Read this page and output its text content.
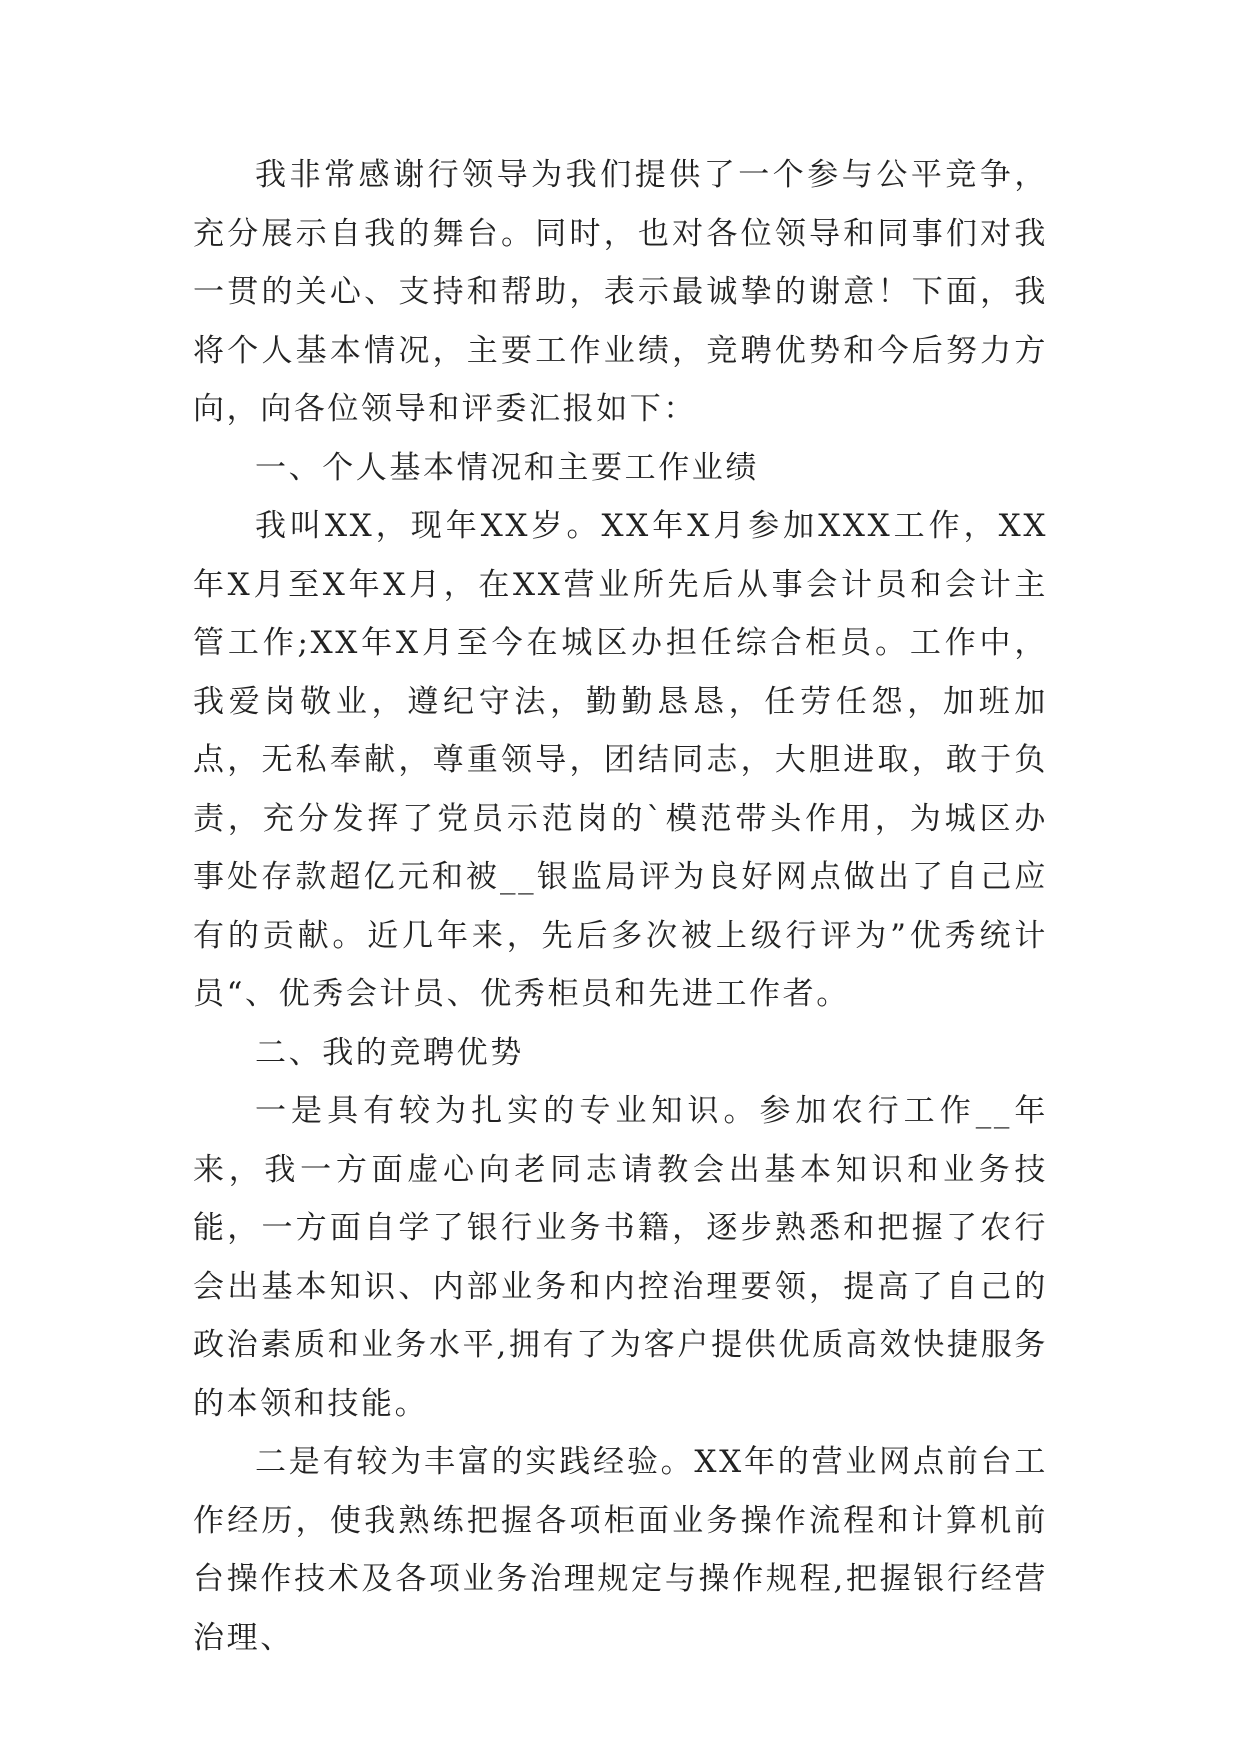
我非常感谢行领导为我们提供了一个参与公平竞争，充分展示自我的舞台。同时，也对各位领导和同事们对我一贯的关心、支持和帮助，表示最诚挚的谢意！下面，我将个人基本情况，主要工作业绩，竞聘优势和今后努力方向，向各位领导和评委汇报如下：

一、个人基本情况和主要工作业绩

我叫XX，现年XX岁。XX年X月参加XXX工作，XX年X月至X年X月，在XX营业所先后从事会计员和会计主管工作;XX年X月至今在城区办担任综合柜员。工作中，我爱岗敬业，遵纪守法，勤勤恳恳，任劳任怨，加班加点，无私奉献，尊重领导，团结同志，大胆进取，敢于负责，充分发挥了党员示范岗的`模范带头作用，为城区办事处存款超亿元和被__银监局评为良好网点做出了自己应有的贡献。近几年来，先后多次被上级行评为”优秀统计员“、优秀会计员、优秀柜员和先进工作者。

二、我的竞聘优势

一是具有较为扎实的专业知识。参加农行工作__年来，我一方面虚心向老同志请教会出基本知识和业务技能，一方面自学了银行业务书籍，逐步熟悉和把握了农行会出基本知识、内部业务和内控治理要领，提高了自己的政治素质和业务水平,拥有了为客户提供优质高效快捷服务的本领和技能。

二是有较为丰富的实践经验。XX年的营业网点前台工作经历，使我熟练把握各项柜面业务操作流程和计算机前台操作技术及各项业务治理规定与操作规程,把握银行经营治理、
